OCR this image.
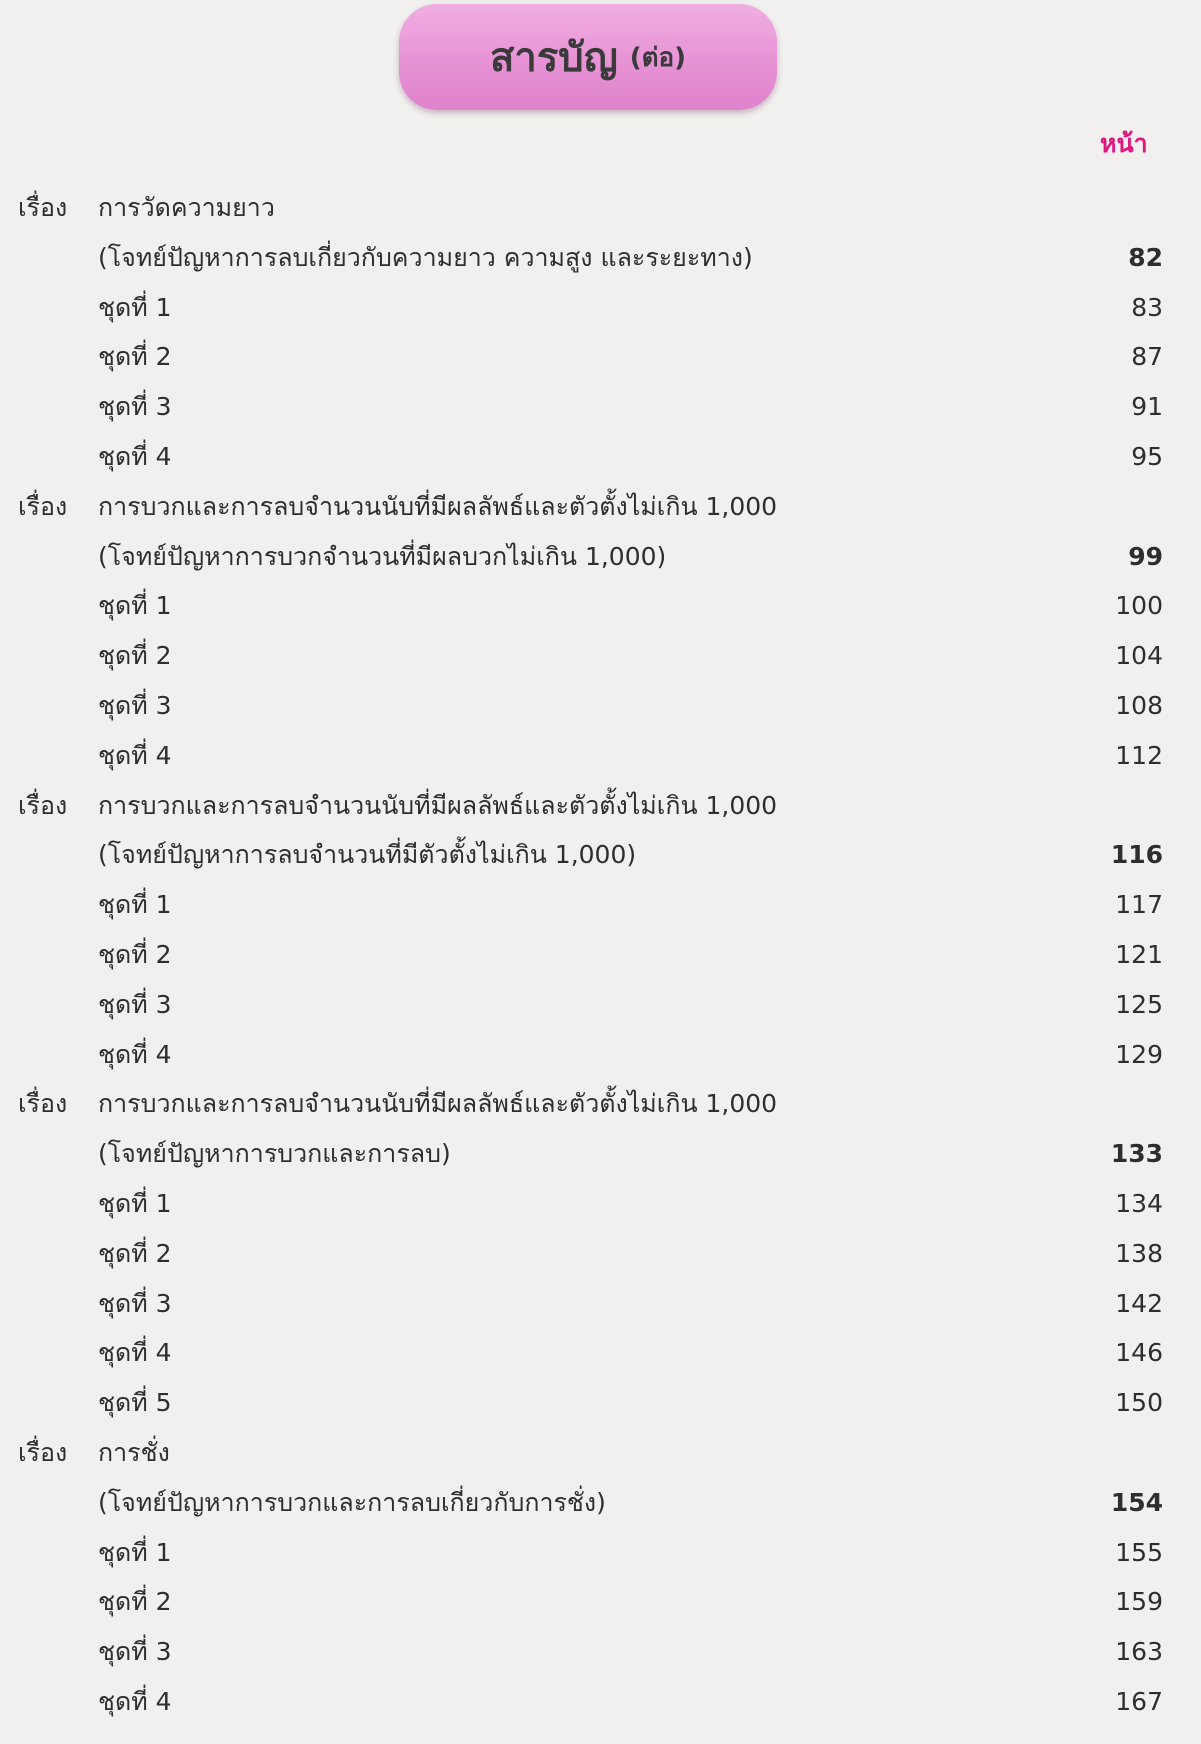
สารบัญ (ต่อ)
หน้า
เรื่อง การวัดความยาว
(โจทย์ปัญหาการลบเกี่ยวกับความยาว ความสูง และระยะทาง)	82
ชุดที่ 1	83
ชุดที่ 2	87
ชุดที่ 3	91
ชุดที่ 4	95
เรื่อง การบวกและการลบจำนวนนับที่มีผลลัพธ์และตัวตั้งไม่เกิน 1,000
(โจทย์ปัญหาการบวกจำนวนที่มีผลบวกไม่เกิน 1,000)	99
ชุดที่ 1	100
ชุดที่ 2	104
ชุดที่ 3	108
ชุดที่ 4	112
เรื่อง การบวกและการลบจำนวนนับที่มีผลลัพธ์และตัวตั้งไม่เกิน 1,000
(โจทย์ปัญหาการลบจำนวนที่มีตัวตั้งไม่เกิน 1,000)	116
ชุดที่ 1	117
ชุดที่ 2	121
ชุดที่ 3	125
ชุดที่ 4	129
เรื่อง การบวกและการลบจำนวนนับที่มีผลลัพธ์และตัวตั้งไม่เกิน 1,000
(โจทย์ปัญหาการบวกและการลบ)	133
ชุดที่ 1	134
ชุดที่ 2	138
ชุดที่ 3	142
ชุดที่ 4	146
ชุดที่ 5	150
เรื่อง การชั่ง
(โจทย์ปัญหาการบวกและการลบเกี่ยวกับการชั่ง)	154
ชุดที่ 1	155
ชุดที่ 2	159
ชุดที่ 3	163
ชุดที่ 4	167
